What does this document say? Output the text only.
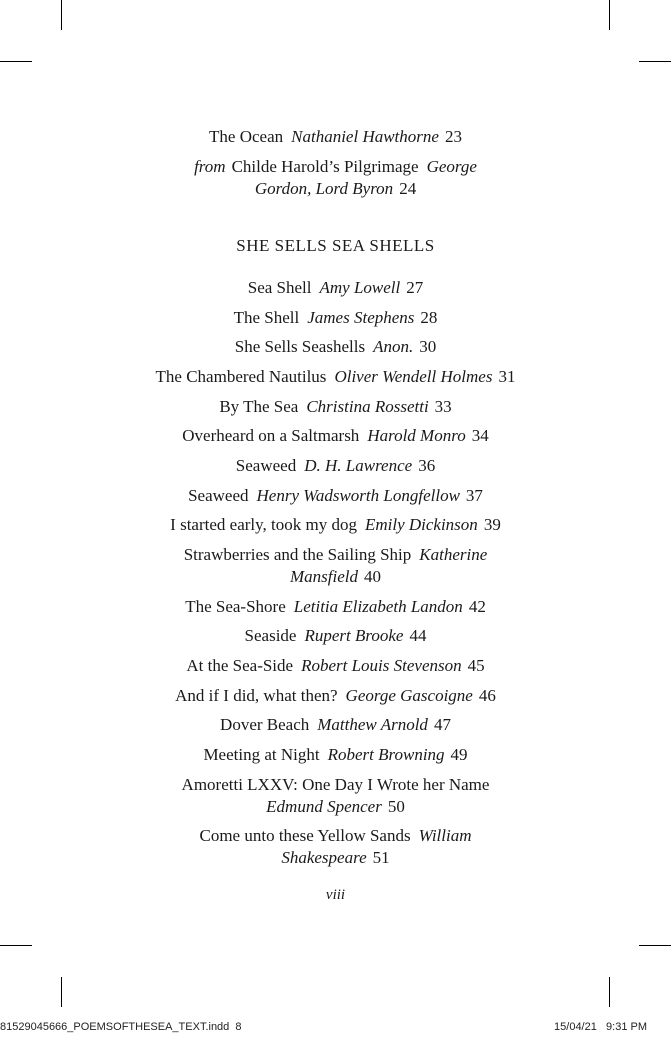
The Ocean Nathaniel Hawthorne 23
from Childe Harold’s Pilgrimage George
Gordon, Lord Byron 24
SHE SELLS SEA SHELLS
Sea Shell Amy Lowell 27
The Shell James Stephens 28
She Sells Seashells Anon. 30
The Chambered Nautilus Oliver Wendell Holmes 31
By The Sea Christina Rossetti 33
Overheard on a Saltmarsh Harold Monro 34
Seaweed D. H. Lawrence 36
Seaweed Henry Wadsworth Longfellow 37
I started early, took my dog Emily Dickinson 39
Strawberries and the Sailing Ship Katherine
Mansfield 40
The Sea-Shore Letitia Elizabeth Landon 42
Seaside Rupert Brooke 44
At the Sea-Side Robert Louis Stevenson 45
And if I did, what then? George Gascoigne 46
Dover Beach Matthew Arnold 47
Meeting at Night Robert Browning 49
Amoretti LXXV: One Day I Wrote her Name
Edmund Spencer 50
Come unto these Yellow Sands William
Shakespeare 51
viii
81529045666_POEMSOFTHESEA_TEXT.indd 8	15/04/21 9:31 PM
